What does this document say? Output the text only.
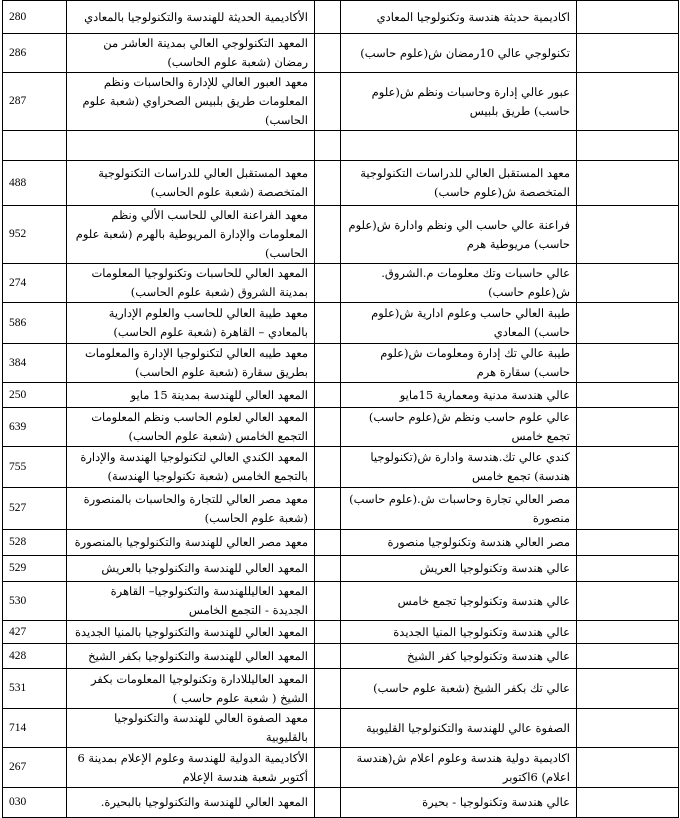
280	الأكاديمية الحديثة للهندسة والتكنولوجيا بالمعادي		اكاديمية حديثة هندسة وتكنولوجيا المعادي	
286	المعهد التكنولوجي العالي بمدينة العاشر من رمضان (شعبة علوم الحاسب)		تكنولوجي عالي 10رمضان ش(علوم حاسب)	
287	معهد العبور العالي للإدارة والحاسبات ونظم المعلومات طريق بلبيس الصحراوي (شعبة علوم الحاسب)		عبور عالي إدارة وحاسبات ونظم ش(علوم حاسب) طريق بلبيس	

488	معهد المستقبل العالي للدراسات التكنولوجية المتخصصة (شعبة علوم الحاسب)		معهد المستقبل العالي للدراسات التكنولوجية المتخصصة ش(علوم حاسب)	
952	معهد الفراعنة العالي للحاسب الألي ونظم المعلومات والإدارة المريوطية بالهرم (شعبة علوم الحاسب)		فراعنة عالي حاسب الي ونظم وادارة ش(علوم حاسب) مريوطية هرم	
274	المعهد العالي للحاسبات وتكنولوجيا المعلومات بمدينة الشروق (شعبة علوم الحاسب)		عالي حاسبات وتك معلومات م.الشروق. ش(علوم حاسب)	
586	معهد طيبة العالي للحاسب والعلوم الإدارية بالمعادي – القاهرة (شعبة علوم الحاسب)		طيبة العالي حاسب وعلوم ادارية ش(علوم حاسب) المعادي	
384	معهد طيبه العالي لتكنولوجيا الإدارة والمعلومات بطريق سقارة (شعبة علوم الحاسب)		طيبة عالي تك إدارة ومعلومات ش(علوم حاسب) سقارة هرم	
250	المعهد العالي للهندسة بمدينة 15 مايو		عالي هندسة مدنية ومعمارية 15مايو	
639	المعهد العالي لعلوم الحاسب ونظم المعلومات التجمع الخامس (شعبة علوم الحاسب)		عالي علوم حاسب ونظم ش(علوم حاسب) تجمع خامس	
755	المعهد الكندي العالي لتكنولوجيا الهندسة والإدارة بالتجمع الخامس (شعبة تكنولوجيا الهندسة)		كندي عالي تك.هندسة وادارة ش(تكنولوجيا هندسة) تجمع خامس	
527	معهد مصر العالي للتجارة والحاسبات بالمنصورة (شعبة علوم الحاسب)		مصر العالي تجارة وحاسبات ش.(علوم حاسب) منصورة	
528	معهد مصر العالي للهندسة والتكنولوجيا بالمنصورة		مصر العالي هندسة وتكنولوجيا منصورة	
529	المعهد العالي للهندسة والتكنولوجيا بالعريش		عالي هندسة وتكنولوجيا العريش	
530	المعهد العاليللهندسة والتكنولوجيا– القاهرة الجديدة - التجمع الخامس		عالي هندسة وتكنولوجيا تجمع خامس	
427	المعهد العالي للهندسة والتكنولوجيا بالمنيا الجديدة		عالي هندسة وتكنولوجيا المنيا الجديدة	
428	المعهد العالي للهندسة والتكنولوجيا بكفر الشيخ		عالي هندسة وتكنولوجيا كفر الشيخ	
531	المعهد العاليللادارة وتكنولوجيا المعلومات بكفر الشيخ ( شعبة علوم حاسب )		عالي تك بكفر الشيخ (شعبة علوم حاسب)	
714	معهد الصفوة العالي للهندسة والتكنولوجيا بالقليوبية		الصفوة عالي للهندسة والتكنولوجيا القليوبية	
267	الأكاديمية الدولية للهندسة وعلوم الإعلام بمدينة 6 أكتوبر شعبة هندسة الإعلام		اكاديمية دولية هندسة وعلوم اعلام ش(هندسة اعلام) 6اكتوبر	
030	المعهد العالي للهندسة والتكنولوجيا بالبحيرة.		عالي هندسة وتكنولوجيا - بحيرة	
